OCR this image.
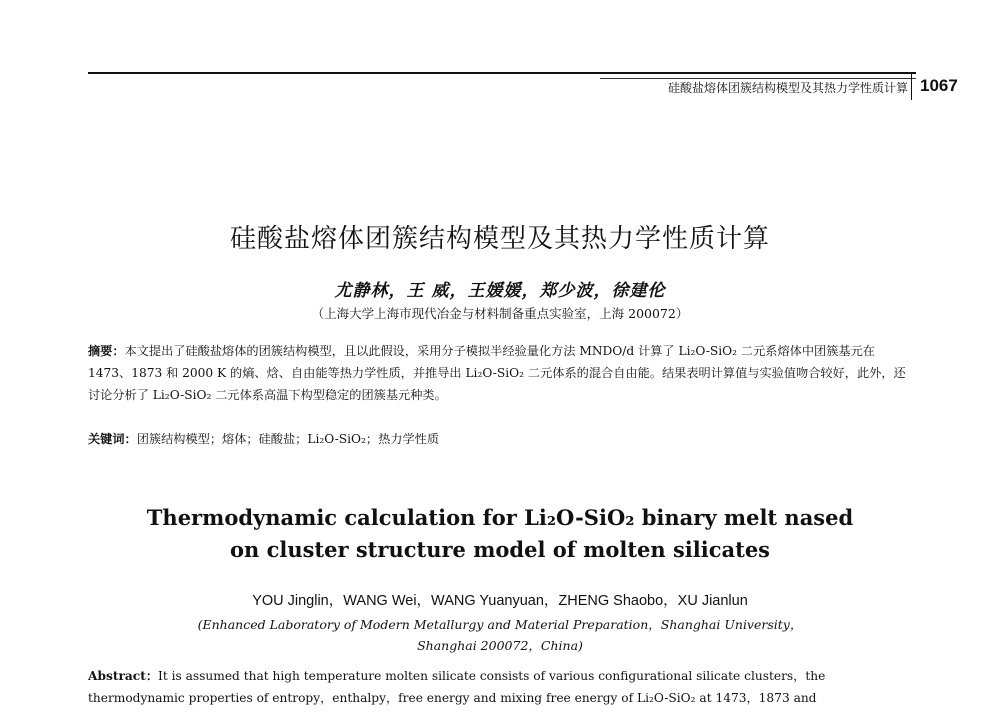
硅酸盐熔体团簇结构模型及其热力学性质计算 1067
硅酸盐熔体团簇结构模型及其热力学性质计算
尤静林，王 威，王媛媛，郑少波，徐建伦
（上海大学上海市现代冶金与材料制备重点实验室，上海 200072）

摘要：本文提出了硅酸盐熔体的团簇结构模型，且以此假设，采用分子模拟半经验量化方法 MNDO/d 计算了 Li₂O-SiO₂ 二元系熔体中团簇基元在 1473、1873 和 2000 K 的熵、焓、自由能等热力学性质，并推导出 Li₂O-SiO₂ 二元体系的混合自由能。结果表明计算值与实验值吻合较好，此外，还讨论分析了 Li₂O-SiO₂ 二元体系高温下构型稳定的团簇基元种类。

关键词：团簇结构模型；熔体；硅酸盐；Li₂O-SiO₂；热力学性质

Thermodynamic calculation for Li₂O-SiO₂ binary melt nased
on cluster structure model of molten silicates
YOU Jinglin，WANG Wei，WANG Yuanyuan，ZHENG Shaobo，XU Jianlun
(Enhanced Laboratory of Modern Metallurgy and Material Preparation，Shanghai University，
Shanghai 200072，China)

Abstract：It is assumed that high temperature molten silicate consists of various configurational silicate clusters，the thermodynamic properties of entropy，enthalpy，free energy and mixing free energy of Li₂O-SiO₂ at 1473，1873 and
